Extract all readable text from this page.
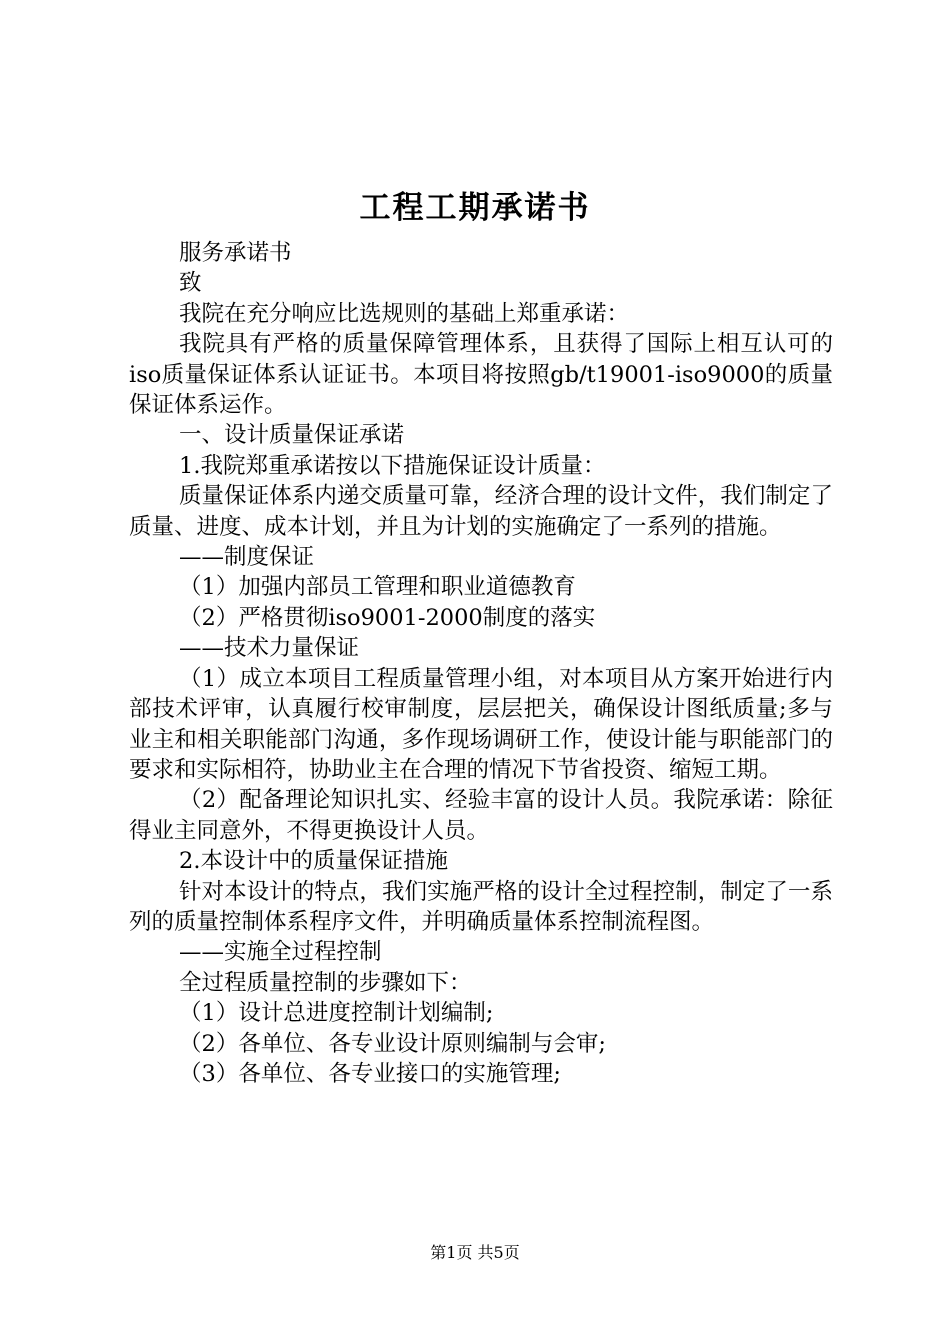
工程工期承诺书

服务承诺书

致

我院在充分响应比选规则的基础上郑重承诺：

我院具有严格的质量保障管理体系，且获得了国际上相互认可的iso质量保证体系认证证书。本项目将按照gb/t19001-iso9000的质量保证体系运作。

一、设计质量保证承诺

1.我院郑重承诺按以下措施保证设计质量：

质量保证体系内递交质量可靠，经济合理的设计文件，我们制定了质量、进度、成本计划，并且为计划的实施确定了一系列的措施。

——制度保证

（1）加强内部员工管理和职业道德教育

（2）严格贯彻iso9001-2000制度的落实

——技术力量保证

（1）成立本项目工程质量管理小组，对本项目从方案开始进行内部技术评审，认真履行校审制度，层层把关，确保设计图纸质量;多与业主和相关职能部门沟通，多作现场调研工作，使设计能与职能部门的要求和实际相符，协助业主在合理的情况下节省投资、缩短工期。

（2）配备理论知识扎实、经验丰富的设计人员。我院承诺：除征得业主同意外，不得更换设计人员。

2.本设计中的质量保证措施

针对本设计的特点，我们实施严格的设计全过程控制，制定了一系列的质量控制体系程序文件，并明确质量体系控制流程图。

——实施全过程控制

全过程质量控制的步骤如下：

（1）设计总进度控制计划编制;

（2）各单位、各专业设计原则编制与会审;

（3）各单位、各专业接口的实施管理;

第1页 共5页
